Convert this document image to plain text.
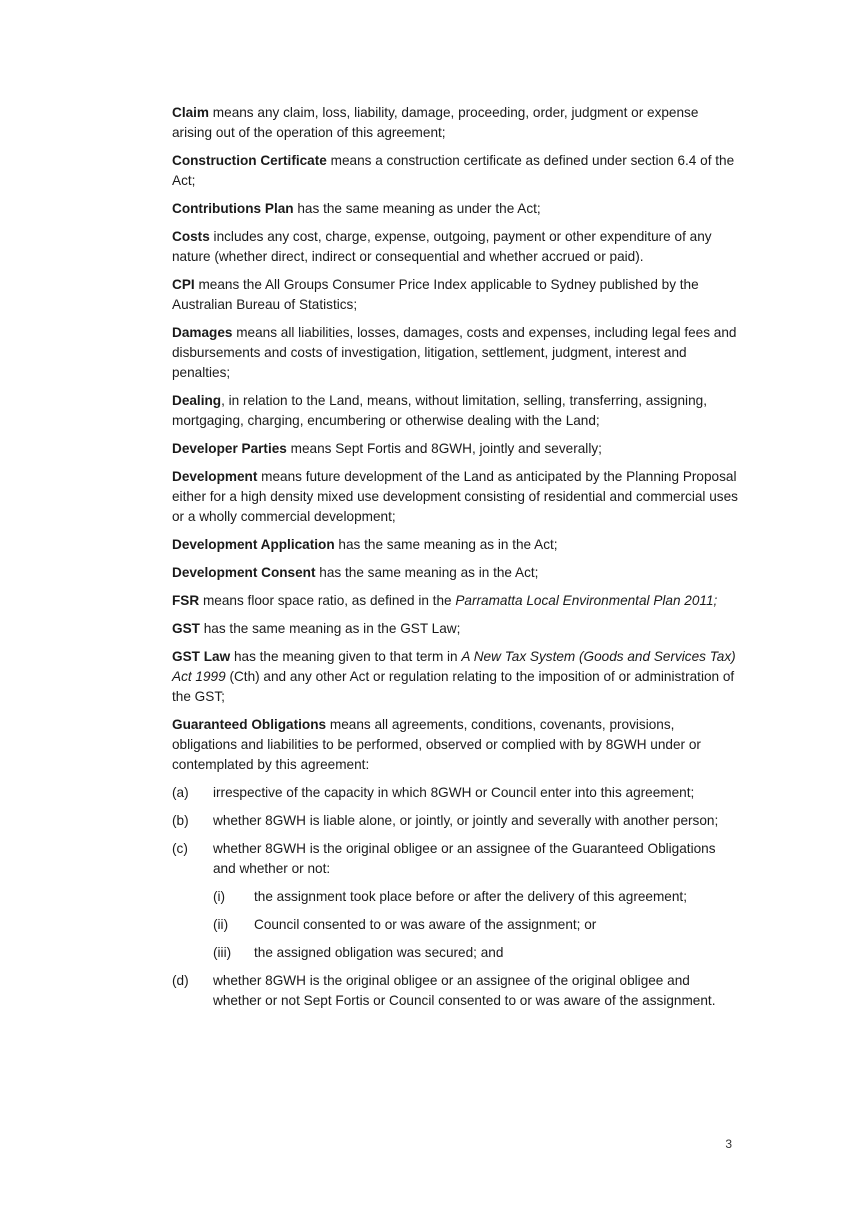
Claim means any claim, loss, liability, damage, proceeding, order, judgment or expense arising out of the operation of this agreement;

Construction Certificate means a construction certificate as defined under section 6.4 of the Act;

Contributions Plan has the same meaning as under the Act;

Costs includes any cost, charge, expense, outgoing, payment or other expenditure of any nature (whether direct, indirect or consequential and whether accrued or paid).

CPI means the All Groups Consumer Price Index applicable to Sydney published by the Australian Bureau of Statistics;

Damages means all liabilities, losses, damages, costs and expenses, including legal fees and disbursements and costs of investigation, litigation, settlement, judgment, interest and penalties;

Dealing, in relation to the Land, means, without limitation, selling, transferring, assigning, mortgaging, charging, encumbering or otherwise dealing with the Land;

Developer Parties means Sept Fortis and 8GWH, jointly and severally;

Development means future development of the Land as anticipated by the Planning Proposal either for a high density mixed use development consisting of residential and commercial uses or a wholly commercial development;

Development Application has the same meaning as in the Act;

Development Consent has the same meaning as in the Act;

FSR means floor space ratio, as defined in the Parramatta Local Environmental Plan 2011;

GST has the same meaning as in the GST Law;

GST Law has the meaning given to that term in A New Tax System (Goods and Services Tax) Act 1999 (Cth) and any other Act or regulation relating to the imposition of or administration of the GST;

Guaranteed Obligations means all agreements, conditions, covenants, provisions, obligations and liabilities to be performed, observed or complied with by 8GWH under or contemplated by this agreement:

(a) irrespective of the capacity in which 8GWH or Council enter into this agreement;
(b) whether 8GWH is liable alone, or jointly, or jointly and severally with another person;
(c) whether 8GWH is the original obligee or an assignee of the Guaranteed Obligations and whether or not:
(i) the assignment took place before or after the delivery of this agreement;
(ii) Council consented to or was aware of the assignment; or
(iii) the assigned obligation was secured; and
(d) whether 8GWH is the original obligee or an assignee of the original obligee and whether or not Sept Fortis or Council consented to or was aware of the assignment.
3
